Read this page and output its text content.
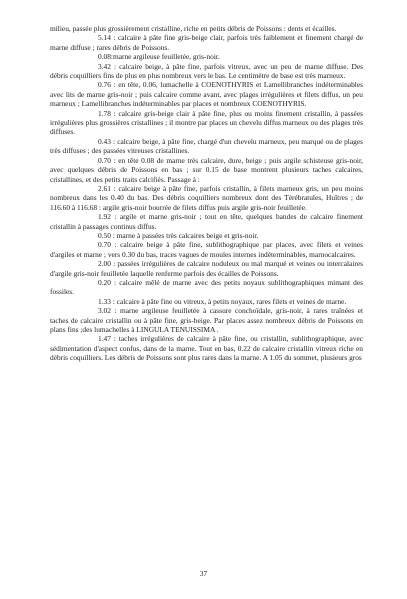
milieu, passée plus grossièrement cristalline, riche en petits débris de Poissons : dents et écailles.

5.14 : calcaire à pâte fine gris-beige clair, parfois très faiblement et finement chargé de marne diffuse ; rares débris de Poissons.

0.08:marne argileuse feuilletée, gris-noir.

3.42 : calcaire beige, à pâte fine, parfois vitreux, avec un peu de marne diffuse. Des débris coquilliers fins de plus en plus nombreux vers le bas. Le centimètre de base est très marneux.

0.76 : en tête, 0.06, lumachelle à COENOTHYRIS et Lamellibranches indéterminables avec lits de marne gris-noir ; puis calcaire comme avant, avec plages irrégulières et filets diffus, un peu marneux ; Lamellibranches indéterminables par places et nombreux COENOTHYRIS.

1.78 : calcaire gris-beige clair à pâte fine, plus ou moins finement cristallin, à passées irrégulières plus grossières cristallines ; il montre par places un chevelu diffus marneux ou des plages très diffuses.

0.43 : calcaire beige, à pâte fine, chargé d'un chevelu marneux, peu marqué ou de plages très diffuses ; des passées vitreuses cristallines.

0.70 : en tête 0.08 de marne très calcaire, dure, beige ; puis argile schisteuse gris-noir, avec quelques débris de Poissons en bas ; sur 0.15 de base montrent plusieurs taches calcaires, cristallines, et des petits traits calcifiés. Passage à :

2.61 : calcaire beige à pâte fine, parfois cristallin, à filets marneux gris, un peu moins nombreux dans les 0.40 du bas. Des débris coquilliers nombreux dont des Térébratules, Huîtres ; de 116.60 à 116.68 : argile gris-noir bourrée de filets diffus puis argile gris-noir feuilletée.

1.92 : argile et marne gris-noir ; tout en tête, quelques bandes de calcaire finement cristallin à passages continus diffus.

0.50 : marne à passées très calcaires beige et gris-noir.

0.70 : calcaire beige à pâte fine, sublithographique par places, avec filets et veines d'argiles et marne ; vers 0.30 du bas, traces vagues de moules internes indéterminables, marnocalcaires.

2.00 : passées irrégulières de calcaire noduleux ou mal marqué et veines ou intercalaires d'argile gris-noir feuilletée laquelle renferme parfois des écailles de Poissons.

0.20 : calcaire mêlé de marne avec des petits noyaux sublithographiques mimant des fossiles.

1.33 : calcaire à pâte fine ou vitreux, à petits noyaux, rares filets et veines de marne.

3.02 : marne argileuse feuilletée à cassure conchoïdale, gris-noir, à rares traînées et taches de calcaire cristallin ou à pâte fine, gris-beige. Par places assez nombreux débris de Poissons en plans fins ;des lumachelles à LINGULA TENUISSIMA .

1.47 : taches irrégulières de calcaire à pâte fine, ou cristallin, sublithographique, avec sédimentation d'aspect confus, dans de la marne. Tout en bas, 0.22 de calcaire cristallin vitreux riche en débris coquilliers. Les débris de Poissons sont plus rares dans la marne. A 1.05 du sommet, plusieurs gros

37
